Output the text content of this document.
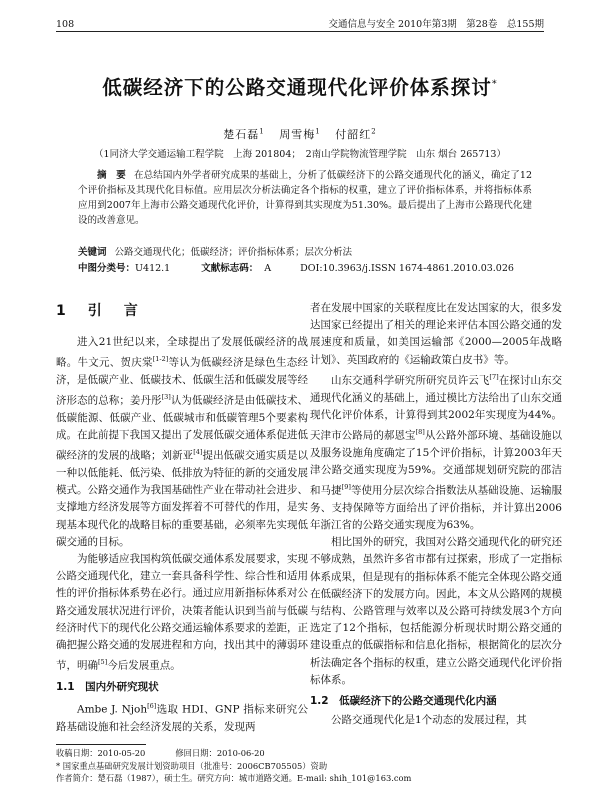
108	交通信息与安全 2010年第3期　第28卷　总155期
低碳经济下的公路交通现代化评价体系探讨*
楚石磊$^1$ 周雪梅$^1$ 付韶红$^2$
（1同济大学交通运输工程学院　上海 201804；　2南山学院物流管理学院　山东 烟台 265713）

摘　要 在总结国内外学者研究成果的基础上，分析了低碳经济下的公路交通现代化的涵义，确定了12个评价指标及其现代化目标值。应用层次分析法确定各个指标的权重，建立了评价指标体系，并将指标体系应用到2007年上海市公路交通现代化评价，计算得到其实现度为51.30%。最后提出了上海市公路现代化建设的改善意见。

关键词 公路交通现代化；低碳经济；评价指标体系；层次分析法
中图分类号：U412.1	文献标志码： A	DOI:10.3963/j.ISSN 1674-4861.2010.03.026
1　引　言

进入21世纪以来，全球提出了发展低碳经济的战略。牛文元、贺庆棠[1-2]等认为低碳经济是绿色生态经济，是低碳产业、低碳技术、低碳生活和低碳发展等经济形态的总称；姜丹彤[3]认为低碳经济是由低碳技术、低碳能源、低碳产业、低碳城市和低碳管理5个要素构成。在此前提下我国又提出了发展低碳交通体系促进低碳经济的发展的战略；刘新亚[4]提出低碳交通实质是以一种以低能耗、低污染、低排放为特征的新的交通发展模式。公路交通作为我国基础性产业在带动社会进步、支撑地方经济发展等方面发挥着不可替代的作用，是实现基本现代化的战略目标的重要基础，必须率先实现低碳交通的目标。

为能够适应我国构筑低碳交通体系发展要求，实现公路交通现代化，建立一套具备科学性、综合性和适用性的评价指标体系势在必行。通过应用新指标体系对公路交通发展状况进行评价，决策者能认识到当前与低碳经济时代下的现代化公路交通运输体系要求的差距，正确把握公路交通的发展进程和方向，找出其中的薄弱环节，明确[5]今后发展重点。

1.1　国内外研究现状

Ambe J. Njoh[6]选取 HDI、GNP 指标来研究公路基础设施和社会经济发展的关系，发现两

者在发展中国家的关联程度比在发达国家的大，很多发达国家已经提出了相关的理论来评估本国公路交通的发展速度和质量，如美国运输部《2000—2005年战略计划》、英国政府的《运输政策白皮书》等。

山东交通科学研究所研究员许云飞[7]在探讨山东交通现代化涵义的基础上，通过模比方法给出了山东交通现代化评价体系，计算得到其2002年实现度为44%。天津市公路局的郝恩宝[8]从公路外部环境、基础设施以及服务设施角度确定了15个评价指标，计算2003年天津公路交通实现度为59%。交通部规划研究院的邵洁和马捷[9]等使用分层次综合指数法从基础设施、运输服务、支持保障等方面给出了评价指标，并计算出2006年浙江省的公路交通实现度为63%。

相比国外的研究，我国对公路交通现代化的研究还不够成熟，虽然许多省市都有过探索，形成了一定指标体系成果，但是现有的指标体系不能完全体现公路交通在低碳经济下的发展方向。因此，本文从公路网的规模与结构、公路管理与效率以及公路可持续发展3个方向选定了12个指标，包括能源分析现状时期公路交通的建设重点的低碳指标和信息化指标，根据简化的层次分析法确定各个指标的权重，建立公路交通现代化评价指标体系。

1.2　低碳经济下的公路交通现代化内涵

公路交通现代化是1个动态的发展过程，其

收稿日期：2010-05-20	修回日期：2010-06-20
* 国家重点基础研究发展计划资助项目（批准号：2006CB705505）资助
作者简介：楚石磊（1987），硕士生。研究方向：城市道路交通。E-mail: shih_101@163.com
